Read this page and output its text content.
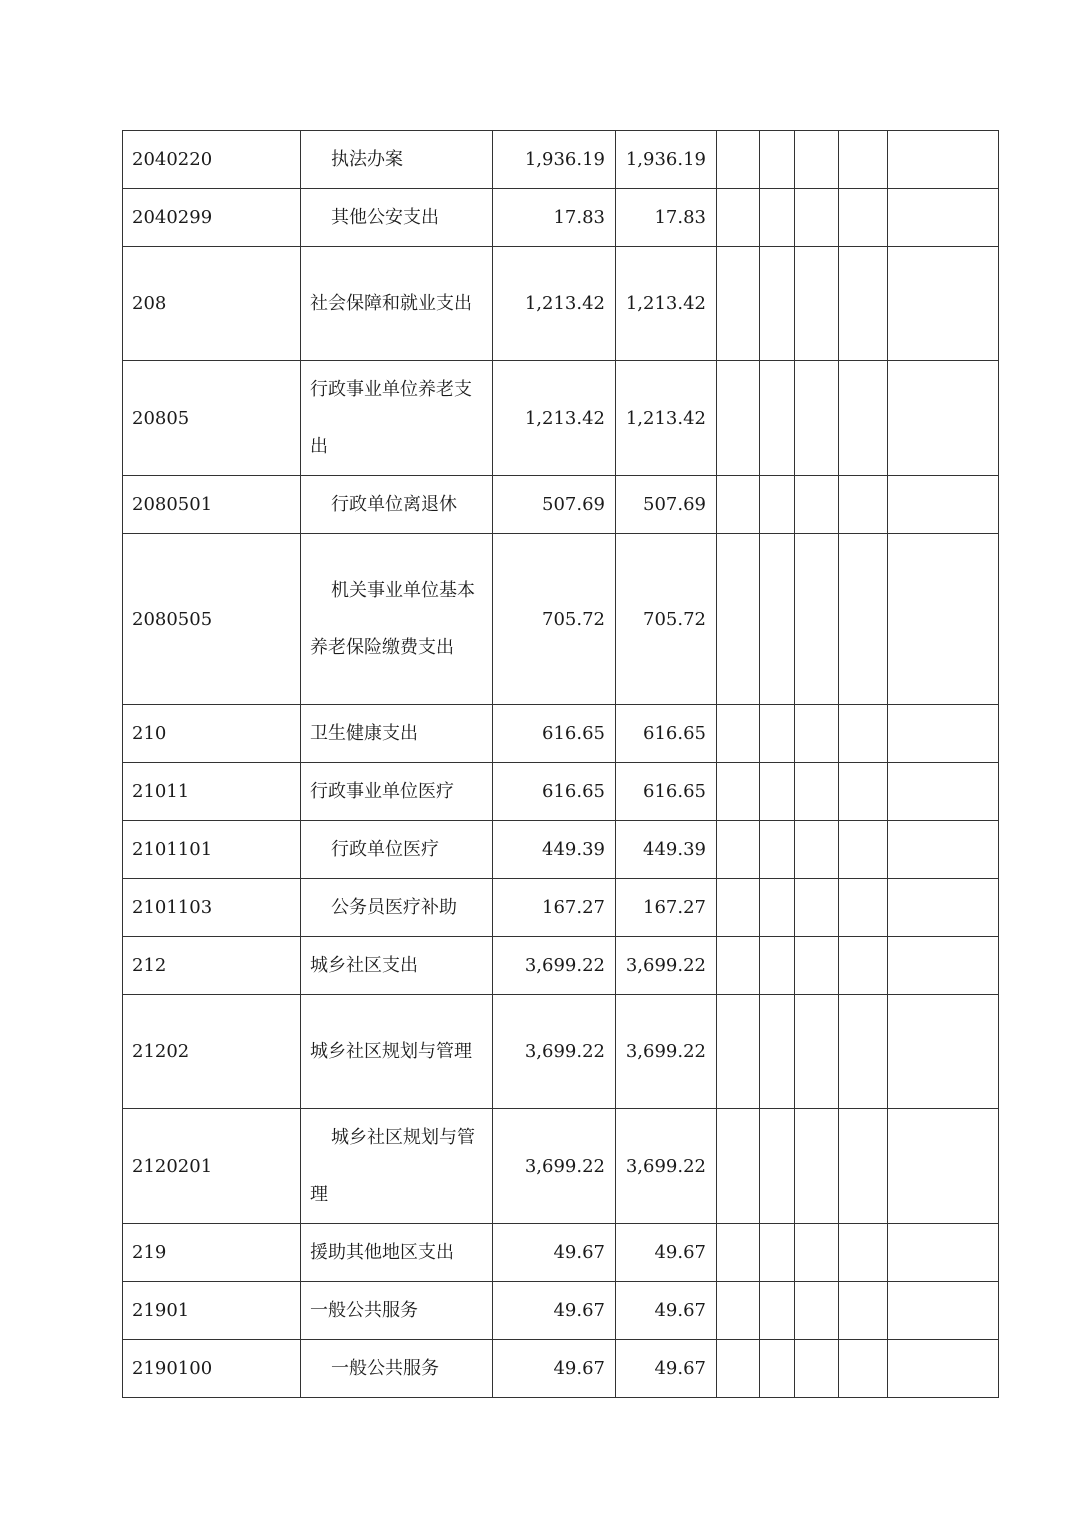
2040220	执法办案	1,936.19	1,936.19					
2040299	其他公安支出	17.83	17.83					
208	社会保障和就业支出	1,213.42	1,213.42					
20805	行政事业单位养老支出	1,213.42	1,213.42					
2080501	行政单位离退休	507.69	507.69					
2080505	机关事业单位基本养老保险缴费支出	705.72	705.72					
210	卫生健康支出	616.65	616.65					
21011	行政事业单位医疗	616.65	616.65					
2101101	行政单位医疗	449.39	449.39					
2101103	公务员医疗补助	167.27	167.27					
212	城乡社区支出	3,699.22	3,699.22					
21202	城乡社区规划与管理	3,699.22	3,699.22					
2120201	城乡社区规划与管理	3,699.22	3,699.22					
219	援助其他地区支出	49.67	49.67					
21901	一般公共服务	49.67	49.67					
2190100	一般公共服务	49.67	49.67					
